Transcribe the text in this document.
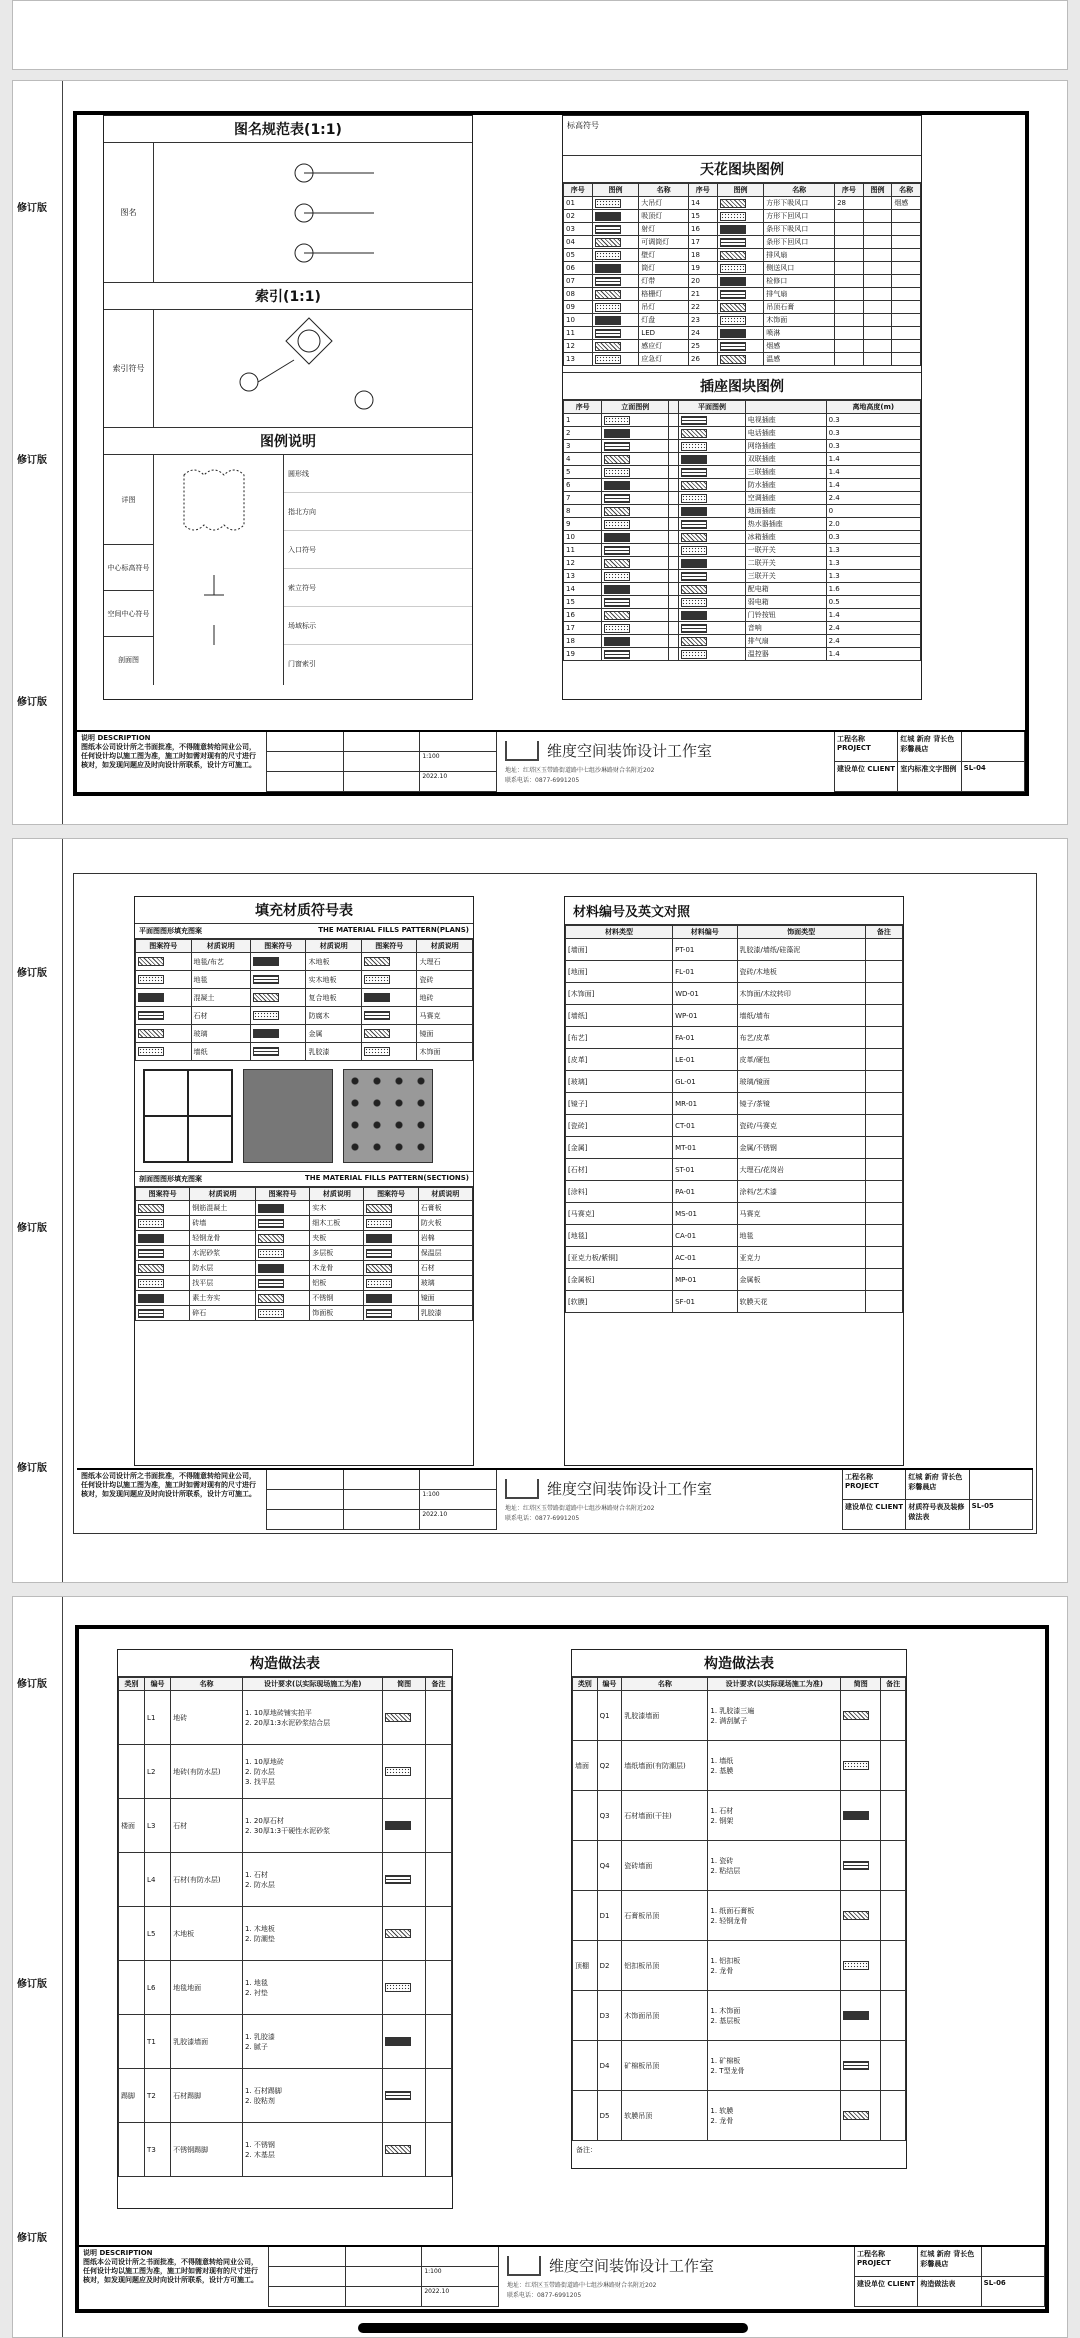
修订版
修订版
修订版
图名规范表(1:1)
图名
索引(1:1)
索引符号
图例说明
详图
中心标高符号
空间中心符号
剖面图
圆形线
指北方向
入口符号
索立符号
场域标示
门窗索引
标高符号
天花图块图例
序号	图例	名称	序号	图例	名称	序号	图例	名称
01		大吊灯	14		方形下吸风口	28		烟感
02		吸顶灯	15		方形下回风口			
03		射灯	16		条形下吸风口			
04		可调筒灯	17		条形下回风口			
05		壁灯	18		排风扇			
06		筒灯	19		侧送风口			
07		灯带	20		检修口			
08		格栅灯	21		排气扇			
09		吊灯	22		吊顶石膏			
10		灯盘	23		木饰面			
11		LED	24		喷淋			
12		感应灯	25		烟感			
13		应急灯	26		温感			
插座图块图例
序号	立面图例		平面图例		离地高度(m)
1				电视插座	0.3
2				电话插座	0.3
3				网络插座	0.3
4				双联插座	1.4
5				三联插座	1.4
6				防水插座	1.4
7				空调插座	2.4
8				地面插座	0
9				热水器插座	2.0
10				冰箱插座	0.3
11				一联开关	1.3
12				二联开关	1.3
13				三联开关	1.3
14				配电箱	1.6
15				弱电箱	0.5
16				门铃按钮	1.4
17				音响	2.4
18				排气扇	2.4
19				温控器	1.4
说明 DESCRIPTION
图纸本公司设计所之书面批准，不得随意转给同业公司，任何设计均以施工图为准，施工时如需对现有的尺寸进行核对，如发现问题应及时向设计所联系，设计方可施工。
1:100
2022.10
维度空间装饰设计工作室
地址：红塔区玉带路街道路中七组沙琳路财合名附近202
联系电话：0877-6991205
工程名称 PROJECT
红城 新府 背长色彩馨晨店
建设单位 CLIENT 室内标准文字图例	SL-04
修订版
修订版
修订版
填充材质符号表
平面图图形填充图案	THE MATERIAL FILLS PATTERN(PLANS)
图案符号	材质说明	图案符号	材质说明	图案符号	材质说明
	地毯/布艺		木地板		大理石
	地毯		实木地板		瓷砖
	混凝土		复合地板		地砖
	石材		防腐木		马赛克
	玻璃		金属		镜面
	墙纸		乳胶漆		木饰面
剖面图图形填充图案	THE MATERIAL FILLS PATTERN(SECTIONS)
图案符号	材质说明	图案符号	材质说明	图案符号	材质说明
	钢筋混凝土		实木		石膏板
	砖墙		细木工板		防火板
	轻钢龙骨		夹板		岩棉
	水泥砂浆		多层板		保温层
	防水层		木龙骨		石材
	找平层		铝板		玻璃
	素土夯实		不锈钢		镜面
	碎石		饰面板		乳胶漆
材料编号及英文对照
材料类型	材料编号	饰面类型	备注
[墙面]	PT-01	乳胶漆/墙纸/硅藻泥	
[地面]	FL-01	瓷砖/木地板	
[木饰面]	WD-01	木饰面/木纹转印	
[墙纸]	WP-01	墙纸/墙布	
[布艺]	FA-01	布艺/皮革	
[皮革]	LE-01	皮革/硬包	
[玻璃]	GL-01	玻璃/镜面	
[镜子]	MR-01	镜子/茶镜	
[瓷砖]	CT-01	瓷砖/马赛克	
[金属]	MT-01	金属/不锈钢	
[石材]	ST-01	大理石/花岗岩	
[涂料]	PA-01	涂料/艺术漆	
[马赛克]	MS-01	马赛克	
[地毯]	CA-01	地毯	
[亚克力板/紫铜]	AC-01	亚克力	
[金属板]	MP-01	金属板	
[软膜]	SF-01	软膜天花	
图纸本公司设计所之书面批准，不得随意转给同业公司，任何设计均以施工图为准，施工时如需对现有的尺寸进行核对，如发现问题应及时向设计所联系，设计方可施工。	1:100
2022.10
维度空间装饰设计工作室
地址：红塔区玉带路街道路中七组沙琳路财合名附近202
联系电话：0877-6991205
工程名称 PROJECT
红城 新府 背长色彩馨晨店
建设单位 CLIENT 材质符号表及装修做法表
SL-05
修订版
修订版
修订版
构造做法表
类别	编号	名称	设计要求(以实际现场施工为准)	简图	备注
	L1	地砖	1. 10厚地砖铺实拍平
2. 20厚1:3水泥砂浆结合层		
	L2	地砖(有防水层)	1. 10厚地砖
2. 防水层
3. 找平层		
楼面	L3	石材	1. 20厚石材
2. 30厚1:3干硬性水泥砂浆		
	L4	石材(有防水层)	1. 石材
2. 防水层		
	L5	木地板	1. 木地板
2. 防潮垫		
	L6	地毯地面	1. 地毯
2. 衬垫		
	T1	乳胶漆墙面	1. 乳胶漆
2. 腻子		
踢脚	T2	石材踢脚	1. 石材踢脚
2. 胶粘剂		
	T3	不锈钢踢脚	1. 不锈钢
2. 木基层		
构造做法表
类别	编号	名称	设计要求(以实际现场施工为准)	简图	备注
	Q1	乳胶漆墙面	1. 乳胶漆三遍
2. 满刮腻子		
墙面	Q2	墙纸墙面(有防潮层)	1. 墙纸
2. 基膜		
	Q3	石材墙面(干挂)	1. 石材
2. 钢架		
	Q4	瓷砖墙面	1. 瓷砖
2. 粘结层		
	D1	石膏板吊顶	1. 纸面石膏板
2. 轻钢龙骨		
顶棚	D2	铝扣板吊顶	1. 铝扣板
2. 龙骨		
	D3	木饰面吊顶	1. 木饰面
2. 基层板		
	D4	矿棉板吊顶	1. 矿棉板
2. T型龙骨		
	D5	软膜吊顶	1. 软膜
2. 龙骨		
备注：
说明 DESCRIPTION
图纸本公司设计所之书面批准，不得随意转给同业公司，任何设计均以施工图为准，施工时如需对现有的尺寸进行核对，如发现问题应及时向设计所联系，设计方可施工。
1:100
2022.10
维度空间装饰设计工作室
地址：红塔区玉带路街道路中七组沙琳路财合名附近202
联系电话：0877-6991205
工程名称 PROJECT
红城 新府 背长色彩馨晨店
建设单位 CLIENT 构造做法表	SL-06
